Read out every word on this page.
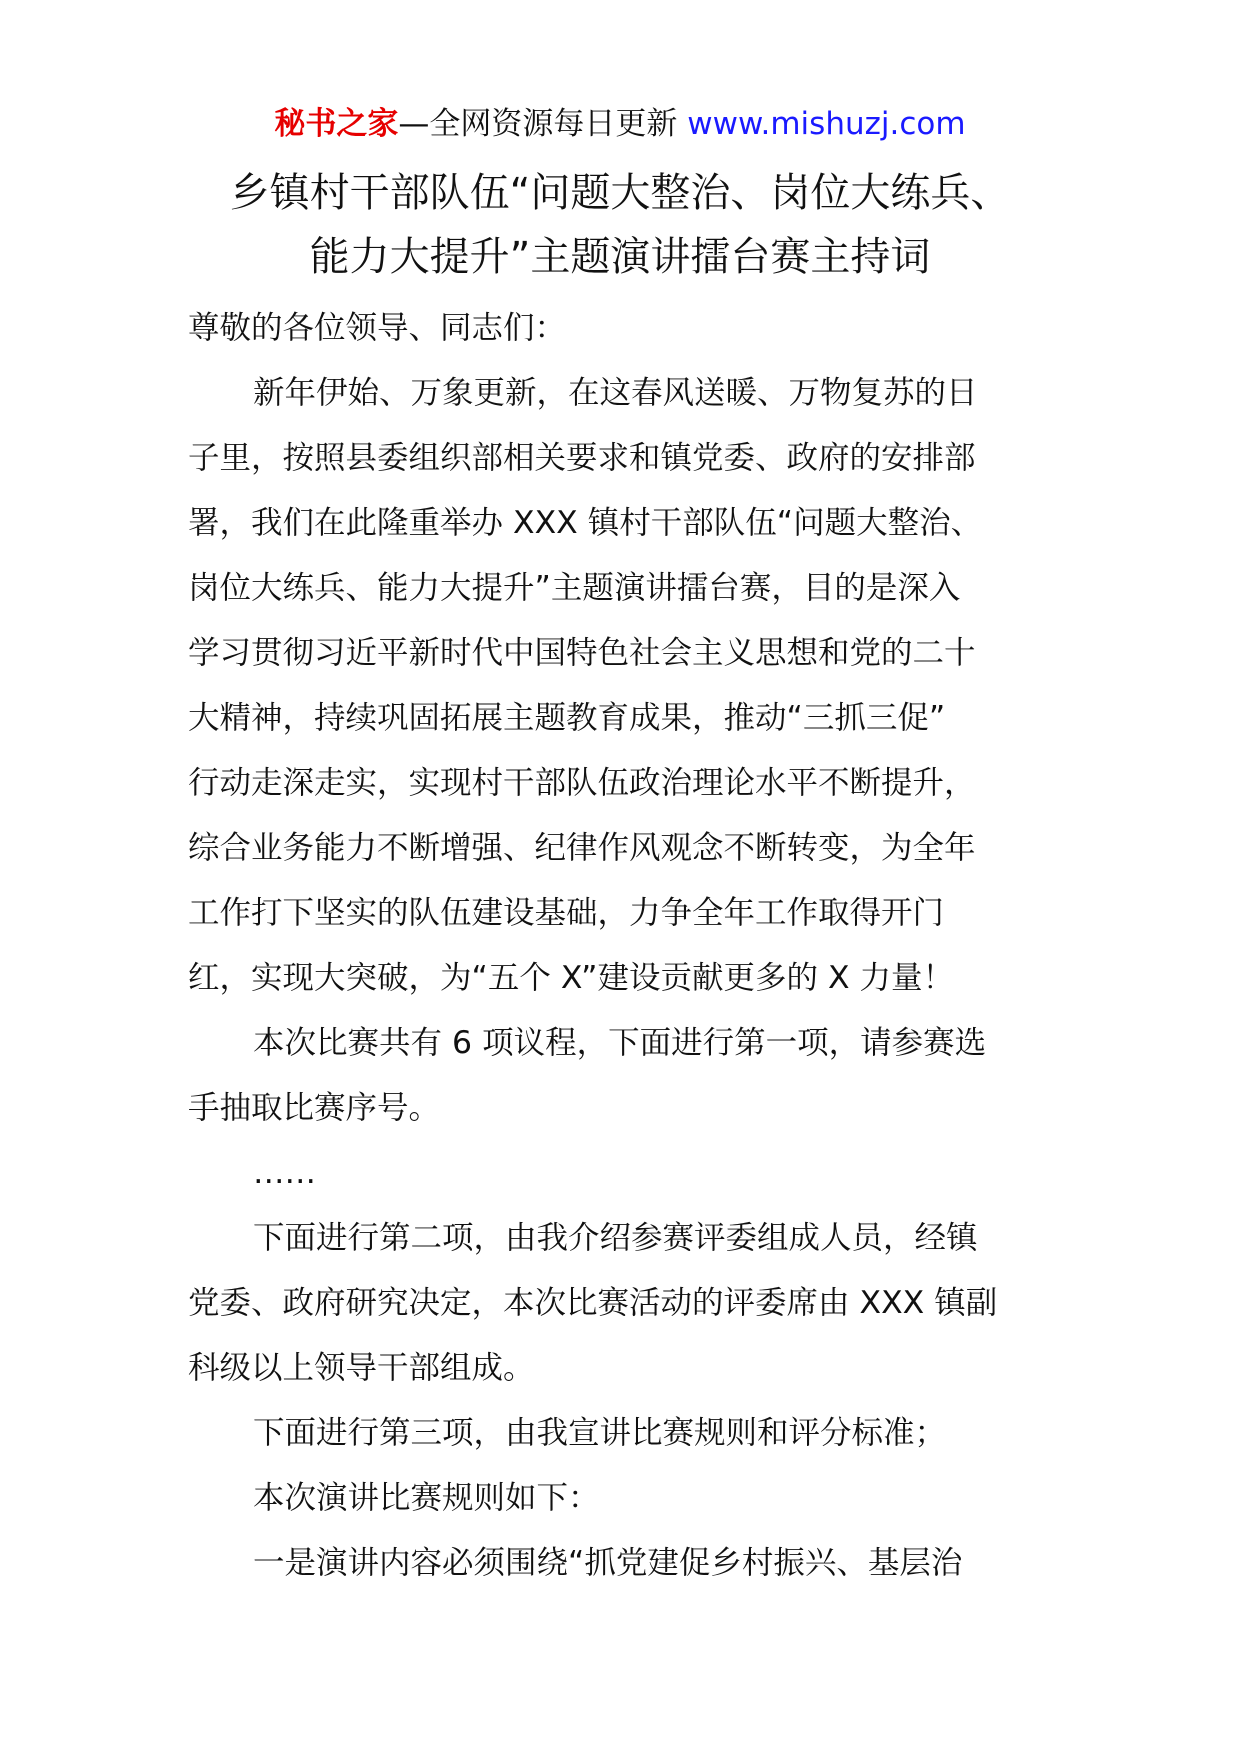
秘书之家—全网资源每日更新 www.mishuzj.com
乡镇村干部队伍“问题大整治、岗位大练兵、
能力大提升”主题演讲擂台赛主持词
尊敬的各位领导、同志们：
新年伊始、万象更新，在这春风送暖、万物复苏的日
子里，按照县委组织部相关要求和镇党委、政府的安排部
署，我们在此隆重举办 XXX 镇村干部队伍“问题大整治、
岗位大练兵、能力大提升”主题演讲擂台赛，目的是深入
学习贯彻习近平新时代中国特色社会主义思想和党的二十
大精神，持续巩固拓展主题教育成果，推动“三抓三促”
行动走深走实，实现村干部队伍政治理论水平不断提升，
综合业务能力不断增强、纪律作风观念不断转变，为全年
工作打下坚实的队伍建设基础，力争全年工作取得开门
红，实现大突破，为“五个 X”建设贡献更多的 X 力量！
本次比赛共有 6 项议程，下面进行第一项，请参赛选
手抽取比赛序号。
……
下面进行第二项，由我介绍参赛评委组成人员，经镇
党委、政府研究决定，本次比赛活动的评委席由 XXX 镇副
科级以上领导干部组成。
下面进行第三项，由我宣讲比赛规则和评分标准；
本次演讲比赛规则如下：
一是演讲内容必须围绕“抓党建促乡村振兴、基层治
